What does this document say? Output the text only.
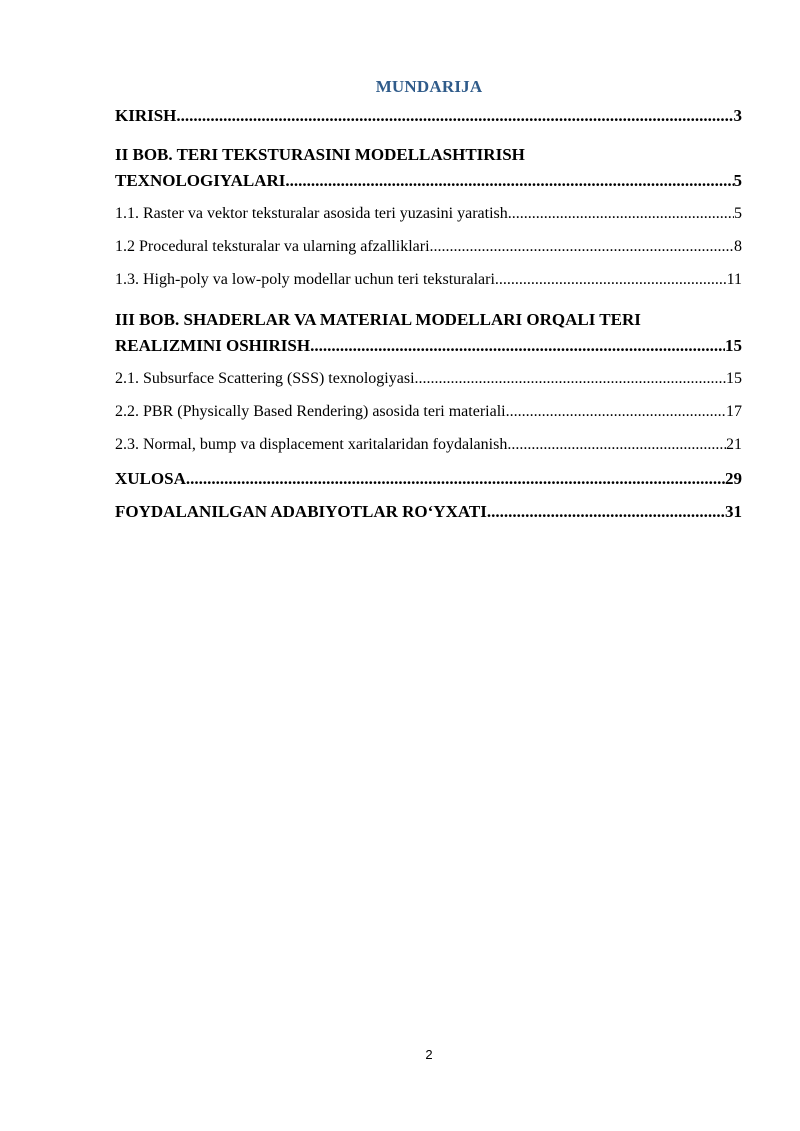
MUNDARIJA
KIRISH .....	3
II BOB. TERI TEKSTURASINI MODELLASHTIRISH
TEXNOLOGIYALARI .....	5
1.1. Raster va vektor teksturalar asosida teri yuzasini yaratish .....	5
1.2 Procedural teksturalar va ularning afzalliklari .....	8
1.3. High-poly va low-poly modellar uchun teri teksturalari .....	11
III BOB. SHADERLAR VA MATERIAL MODELLARI ORQALI TERI
REALIZMINI OSHIRISH .....	15
2.1. Subsurface Scattering (SSS) texnologiyasi .....	15
2.2. PBR (Physically Based Rendering) asosida teri materiali .....	17
2.3. Normal, bump va displacement xaritalaridan foydalanish .....	21
XULOSA .....	29
FOYDALANILGAN ADABIYOTLAR RO‘YXATI .....	31
2
